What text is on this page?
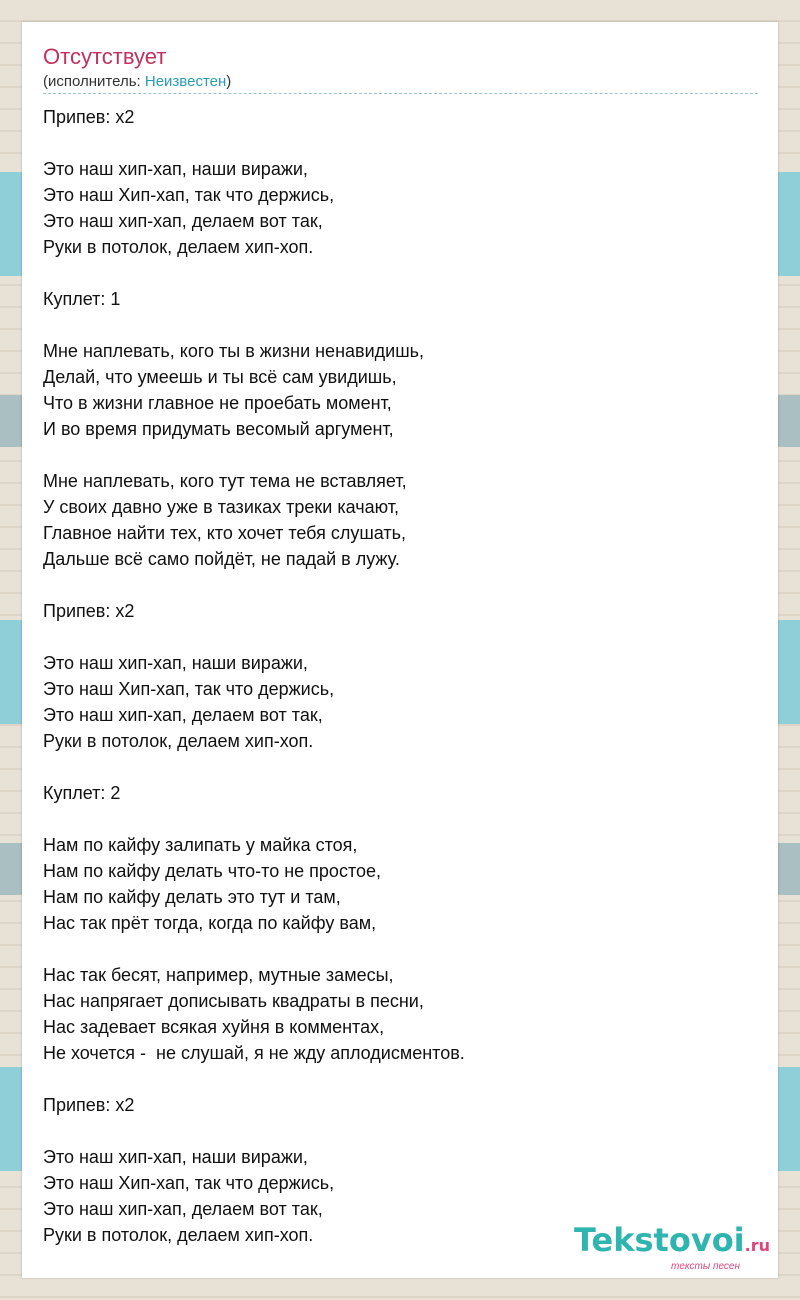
Отсутствует
(исполнитель: Неизвестен)
Припев: x2
Это наш хип-хап, наши виражи,
Это наш Хип-хап, так что держись,
Это наш хип-хап, делаем вот так,
Руки в потолок, делаем хип-хоп.
Куплет: 1
Мне наплевать, кого ты в жизни ненавидишь,
Делай, что умеешь и ты всё сам увидишь,
Что в жизни главное не проебать момент,
И во время придумать весомый аргумент,
Мне наплевать, кого тут тема не вставляет,
У своих давно уже в тазиках треки качают,
Главное найти тех, кто хочет тебя слушать,
Дальше всё само пойдёт, не падай в лужу.
Припев: x2
Это наш хип-хап, наши виражи,
Это наш Хип-хап, так что держись,
Это наш хип-хап, делаем вот так,
Руки в потолок, делаем хип-хоп.
Куплет: 2
Нам по кайфу залипать у майка стоя,
Нам по кайфу делать что-то не простое,
Нам по кайфу делать это тут и там,
Нас так прёт тогда, когда по кайфу вам,
Нас так бесят, например, мутные замесы,
Нас напрягает дописывать квадраты в песни,
Нас задевает всякая хуйня в комментах,
Не хочется -  не слушай, я не жду аплодисментов.
Припев: x2
Это наш хип-хап, наши виражи,
Это наш Хип-хап, так что держись,
Это наш хип-хап, делаем вот так,
Руки в потолок, делаем хип-хоп.	Tekstovoi.ru
тексты песен
